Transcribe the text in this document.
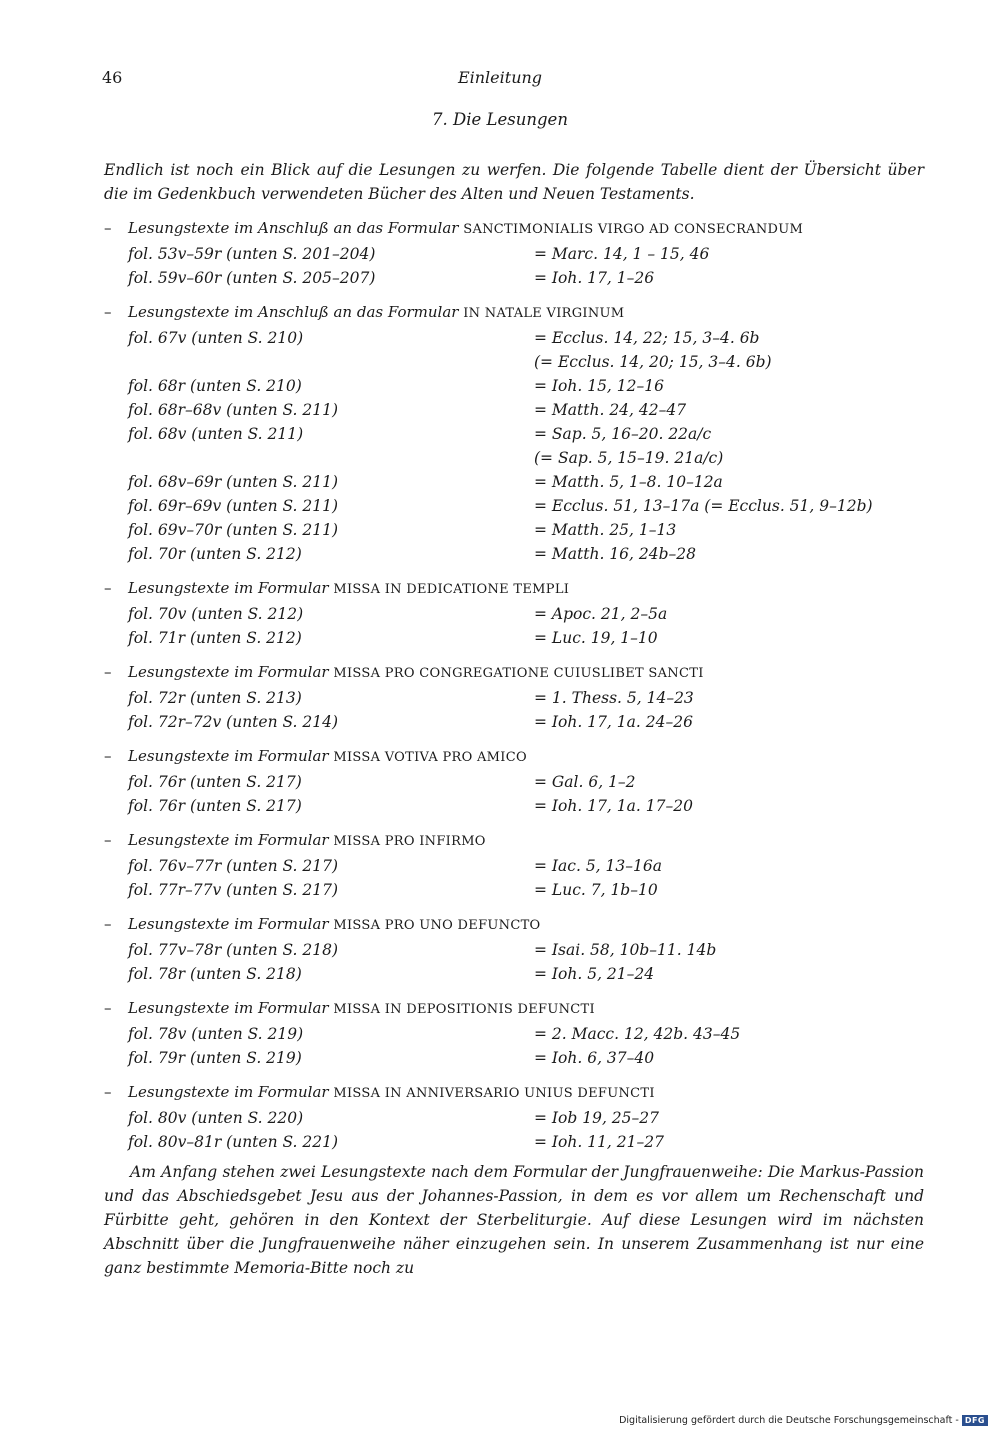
46	Einleitung
7. Die Lesungen
Endlich ist noch ein Blick auf die Lesungen zu werfen. Die folgende Tabelle dient der Übersicht über die im Gedenkbuch verwendeten Bücher des Alten und Neuen Testaments.
– Lesungstexte im Anschluß an das Formular SANCTIMONIALIS VIRGO AD CONSECRANDUM
fol. 53v–59r (unten S. 201–204)	= Marc. 14, 1 – 15, 46
fol. 59v–60r (unten S. 205–207)	= Ioh. 17, 1–26
– Lesungstexte im Anschluß an das Formular IN NATALE VIRGINUM
fol. 67v (unten S. 210)	= Ecclus. 14, 22; 15, 3–4. 6b
(= Ecclus. 14, 20; 15, 3–4. 6b)
fol. 68r (unten S. 210)	= Ioh. 15, 12–16
fol. 68r–68v (unten S. 211)	= Matth. 24, 42–47
fol. 68v (unten S. 211)	= Sap. 5, 16–20. 22a/c
(= Sap. 5, 15–19. 21a/c)
fol. 68v–69r (unten S. 211)	= Matth. 5, 1–8. 10–12a
fol. 69r–69v (unten S. 211)	= Ecclus. 51, 13–17a (= Ecclus. 51, 9–12b)
fol. 69v–70r (unten S. 211)	= Matth. 25, 1–13
fol. 70r (unten S. 212)	= Matth. 16, 24b–28
– Lesungstexte im Formular MISSA IN DEDICATIONE TEMPLI
fol. 70v (unten S. 212)	= Apoc. 21, 2–5a
fol. 71r (unten S. 212)	= Luc. 19, 1–10
– Lesungstexte im Formular MISSA PRO CONGREGATIONE CUIUSLIBET SANCTI
fol. 72r (unten S. 213)	= 1. Thess. 5, 14–23
fol. 72r–72v (unten S. 214)	= Ioh. 17, 1a. 24–26
– Lesungstexte im Formular MISSA VOTIVA PRO AMICO
fol. 76r (unten S. 217)	= Gal. 6, 1–2
fol. 76r (unten S. 217)	= Ioh. 17, 1a. 17–20
– Lesungstexte im Formular MISSA PRO INFIRMO
fol. 76v–77r (unten S. 217)	= Iac. 5, 13–16a
fol. 77r–77v (unten S. 217)	= Luc. 7, 1b–10
– Lesungstexte im Formular MISSA PRO UNO DEFUNCTO
fol. 77v–78r (unten S. 218)	= Isai. 58, 10b–11. 14b
fol. 78r (unten S. 218)	= Ioh. 5, 21–24
– Lesungstexte im Formular MISSA IN DEPOSITIONIS DEFUNCTI
fol. 78v (unten S. 219)	= 2. Macc. 12, 42b. 43–45
fol. 79r (unten S. 219)	= Ioh. 6, 37–40
– Lesungstexte im Formular MISSA IN ANNIVERSARIO UNIUS DEFUNCTI
fol. 80v (unten S. 220)	= Iob 19, 25–27
fol. 80v–81r (unten S. 221)	= Ioh. 11, 21–27
Am Anfang stehen zwei Lesungstexte nach dem Formular der Jungfrauenweihe: Die Markus-Passion und das Abschiedsgebet Jesu aus der Johannes-Passion, in dem es vor allem um Rechenschaft und Fürbitte geht, gehören in den Kontext der Sterbeliturgie. Auf diese Lesungen wird im nächsten Abschnitt über die Jungfrauenweihe näher einzugehen sein. In unserem Zusammenhang ist nur eine ganz bestimmte Memoria-Bitte noch zu
Digitalisierung gefördert durch die Deutsche Forschungsgemeinschaft - DFG
